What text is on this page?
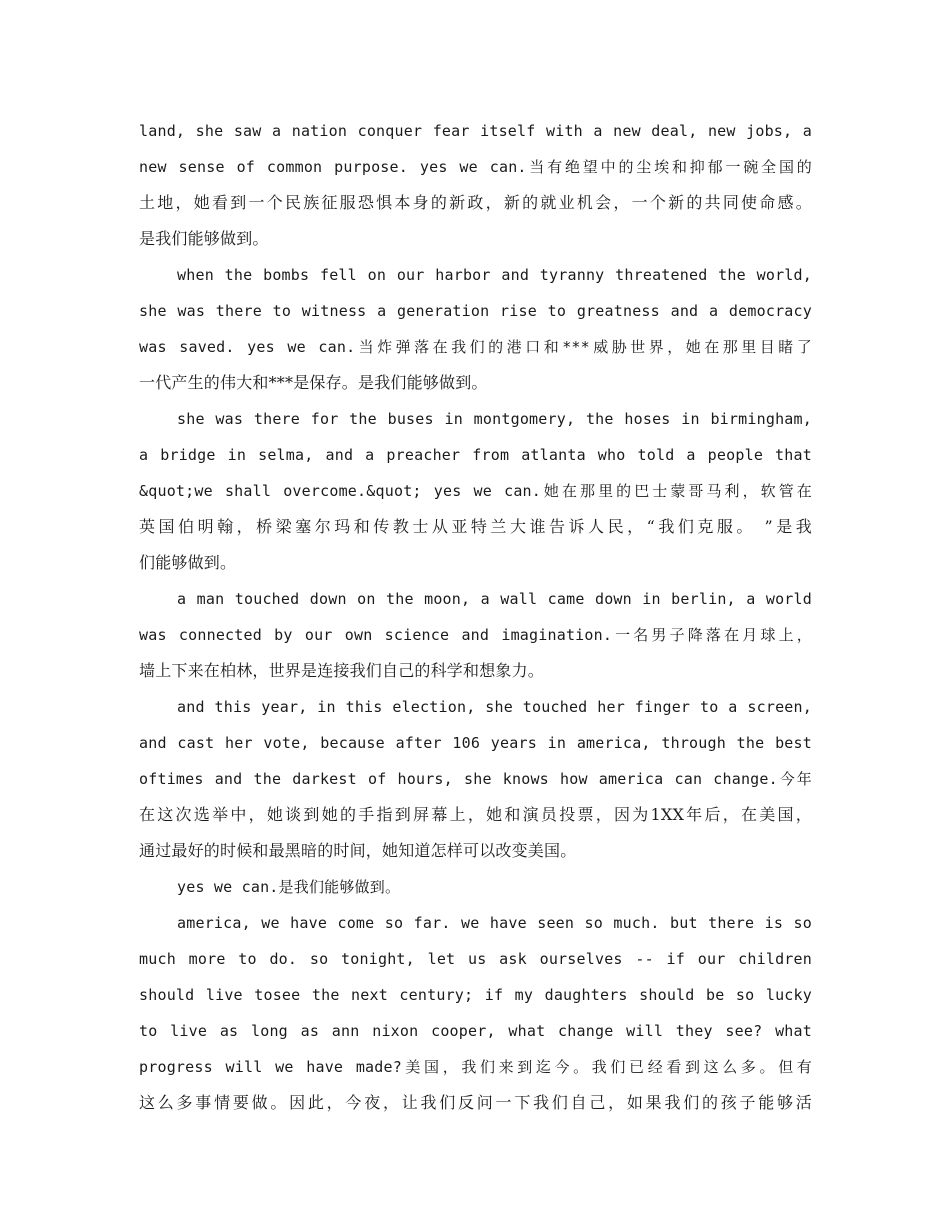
land, she saw a nation conquer fear itself with a new deal, new jobs, a
new sense of common purpose. yes we can.当有绝望中的尘埃和抑郁一碗全国的
土地，她看到一个民族征服恐惧本身的新政，新的就业机会，一个新的共同使命感。
是我们能够做到。
when the bombs fell on our harbor and tyranny threatened the world,
she was there to witness a generation rise to greatness and a democracy
was saved. yes we can.当炸弹落在我们的港口和***威胁世界，她在那里目睹了
一代产生的伟大和***是保存。是我们能够做到。
she was there for the buses in montgomery, the hoses in birmingham,
a bridge in selma, and a preacher from atlanta who told a people that
&quot;we shall overcome.&quot; yes we can.她在那里的巴士蒙哥马利，软管在
英国伯明翰，桥梁塞尔玛和传教士从亚特兰大谁告诉人民，“我们克服。 ”是我
们能够做到。
a man touched down on the moon, a wall came down in berlin, a world
was connected by our own science and imagination.一名男子降落在月球上，
墙上下来在柏林，世界是连接我们自己的科学和想象力。
and this year, in this election, she touched her finger to a screen,
and cast her vote, because after 106 years in america, through the best
oftimes and the darkest of hours, she knows how america can change.今年
在这次选举中，她谈到她的手指到屏幕上，她和演员投票，因为1XX年后，在美国，
通过最好的时候和最黑暗的时间，她知道怎样可以改变美国。
yes we can.是我们能够做到。
america, we have come so far. we have seen so much. but there is so
much more to do. so tonight, let us ask ourselves -- if our children
should live tosee the next century; if my daughters should be so lucky
to live as long as ann nixon cooper, what change will they see? what
progress will we have made?美国，我们来到迄今。我们已经看到这么多。但有
这么多事情要做。因此，今夜，让我们反问一下我们自己，如果我们的孩子能够活
